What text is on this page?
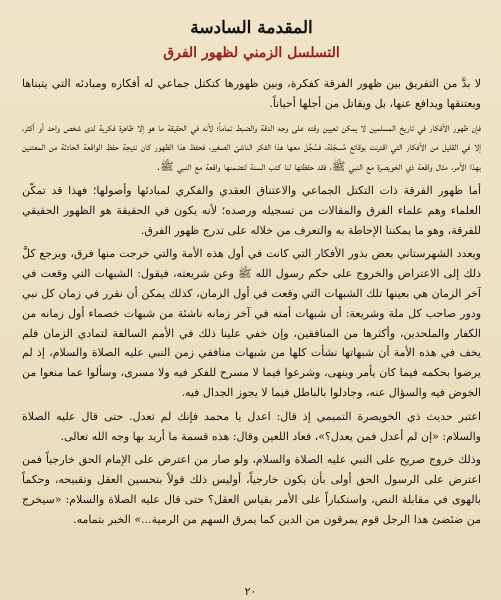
المقدمة السادسة
التسلسل الزمني لظهور الفرق

لا بدَّ من التفريق بين ظهور الفرقة كفكرة، وبين ظهورها كتكتل جماعي له أفكاره ومبادئه التي يتبناها ويعتنقها ويدافع عنها، بل ويقاتل من أجلها أحياناً.

فإن ظهور الأفكار في تاريخ المسلمين لا يمكن تعيين وقته على وجه الدقة والضبط تماماً؛ لأنه في الحقيقة ما هو إلا ظاهرة فكرية لدى شخص واحد أو أكثر، إلا في القليل من الأفكار التي اقترنت بوقائع مُسجّلة، فسُجِّل معها هذا الفكر الناشئ الصغير، فحفظ هذا الظهور كان نتيجة حفظ الواقعة الحادثة من المعتنين بهذا الأمر، مثال واقعة ذي الخويصرة مع النبي ﷺ، فقد حفظتها لنا كتب السنة لتضمنها واقعة مع النبي ﷺ.

أما ظهور الفرقة ذات التكتل الجماعي والاعتناق العقدي والفكري لمبادئها وأصولها؛ فهذا قد تمكّن العلماء وهم علماء الفرق والمقالات من تسجيله ورصده؛ لأنه يكون في الحقيقة هو الظهور الحقيقي للفرقة، وهو ما يمكننا الإحاطة به والتعرف من خلاله على تدرج ظهور الفرق.

ويعدد الشهرستاني بعض بذور الأفكار التي كانت في أول هذه الأمة والتي خرجت منها فرق، ويرجع كلَّ ذلك إلى الاعتراض والخروج على حكم رسول الله ﷺ وعن شريعته، فيقول: الشبهات التي وقعت في آخر الزمان هي بعينها تلك الشبهات التي وقعت في أول الزمان، كذلك يمكن أن نقرر في زمان كل نبي ودور صاحب كل ملة وشريعة: أن شبهات أمته في آخر زمانه ناشئة من شبهات خصماء أول زمانه من الكفار والملحدين، وأكثرها من المنافقين، وإن خفي علينا ذلك في الأمم السالفة لتمادي الزمان فلم يخف في هذه الأمة أن شبهاتها نشأت كلها من شبهات منافقي زمن النبي عليه الصلاة والسلام، إذ لم يرضوا بحكمه فيما كان يأمر وينهى، وشرعوا فيما لا مسرح للفكر فيه ولا مسرى، وسألوا عما منعوا من الخوض فيه والسؤال عنه، وجادلوا بالباطل فيما لا يجوز الجدال فيه.

اعتبر حديث ذي الخويصرة التميمي إذ قال: اعدل يا محمد فإنك لم تعدل. حتى قال عليه الصلاة والسلام: «إن لم أعدل فمن يعدل؟»، فعاد اللعين وقال: هذه قسمة ما أريد بها وجه الله تعالى.

وذلك خروج صريح على النبي عليه الصلاة والسلام، ولو صار من اعترض على الإمام الحق خارجياً فمن اعترض على الرسول الحق أولى بأن يكون خارجياً، أوليس ذلك قولاً بتحسين العقل وتقبيحه، وحكماً بالهوى في مقابلة النص، واستكباراً على الأمر بقياس العقل؟ حتى قال عليه الصلاة والسلام: «سيخرج من ضئضئ هذا الرجل قوم يمرقون من الدين كما يمرق السهم من الرمية...» الخبر بتمامه.

٢٠
